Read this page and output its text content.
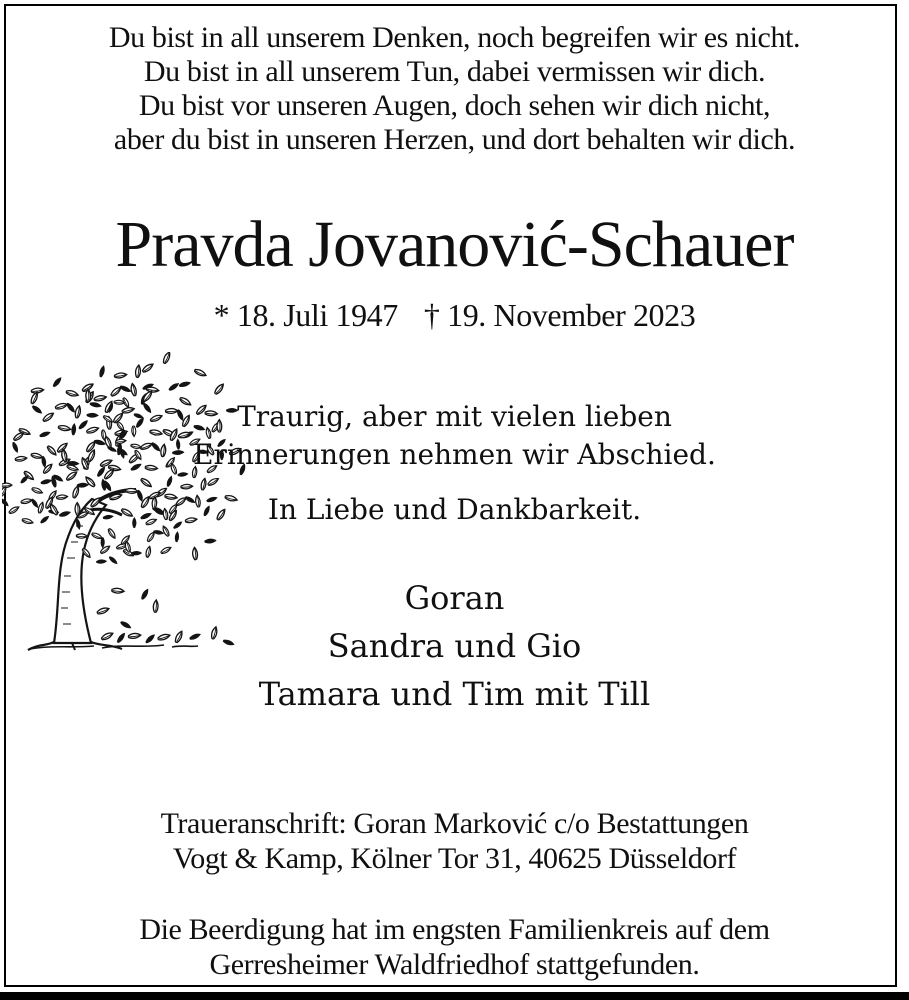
Du bist in all unserem Denken, noch begreifen wir es nicht.
Du bist in all unserem Tun, dabei vermissen wir dich.
Du bist vor unseren Augen, doch sehen wir dich nicht,
aber du bist in unseren Herzen, und dort behalten wir dich.
Pravda Jovanović-Schauer
* 18. Juli 1947 † 19. November 2023
Traurig, aber mit vielen lieben
Erinnerungen nehmen wir Abschied.
In Liebe und Dankbarkeit.
Goran
Sandra und Gio
Tamara und Tim mit Till
Traueranschrift: Goran Marković c/o Bestattungen
Vogt & Kamp, Kölner Tor 31, 40625 Düsseldorf
Die Beerdigung hat im engsten Familienkreis auf dem
Gerresheimer Waldfriedhof stattgefunden.
